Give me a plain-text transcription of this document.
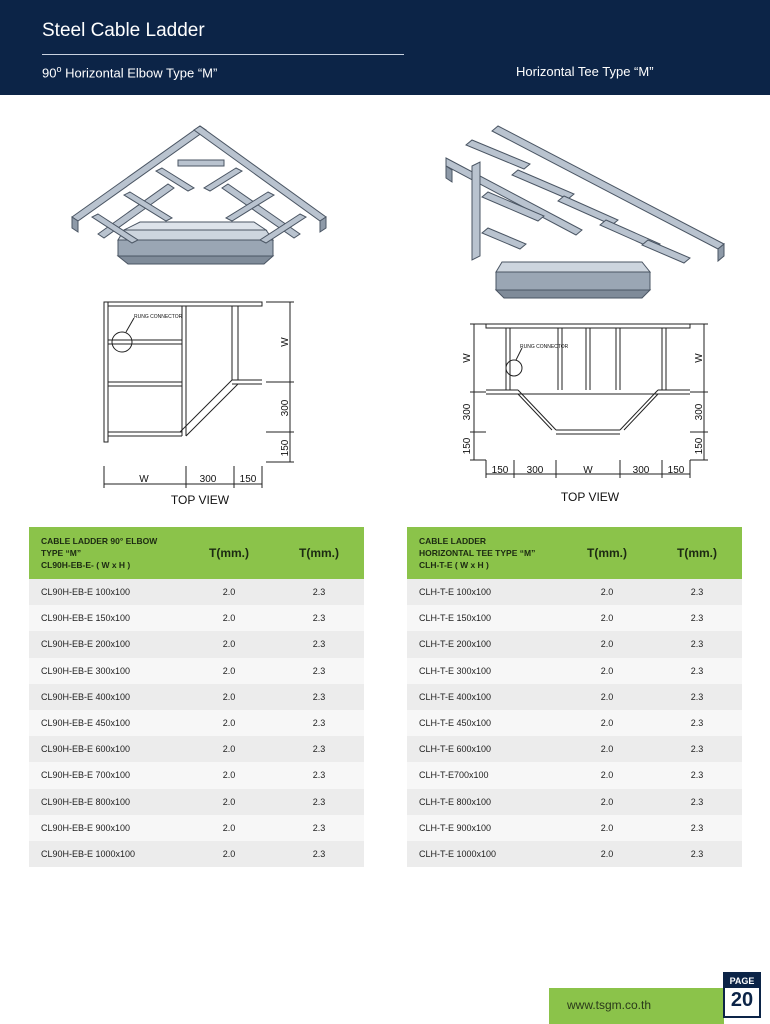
Steel Cable Ladder
90$^o$ Horizontal Elbow Type “M”	Horizontal Tee Type “M”
RUNG CONNECTOR
W
300
150
W	300 150
TOP VIEW
RUNG CONNECTOR
W
300
150
W
300
150
150 300	W	300 150
TOP VIEW
CABLE LADDER 90° ELBOW
TYPE “M”
CL90H-EB-E- ( W x H )	T(mm.)	T(mm.)
CL90H-EB-E 100x100	2.0	2.3
CL90H-EB-E 150x100	2.0	2.3
CL90H-EB-E 200x100	2.0	2.3
CL90H-EB-E 300x100	2.0	2.3
CL90H-EB-E 400x100	2.0	2.3
CL90H-EB-E 450x100	2.0	2.3
CL90H-EB-E 600x100	2.0	2.3
CL90H-EB-E 700x100	2.0	2.3
CL90H-EB-E 800x100	2.0	2.3
CL90H-EB-E 900x100	2.0	2.3
CL90H-EB-E 1000x100	2.0	2.3
CABLE LADDER
HORIZONTAL TEE TYPE “M”
CLH-T-E ( W x H )	T(mm.)	T(mm.)
CLH-T-E 100x100	2.0	2.3
CLH-T-E 150x100	2.0	2.3
CLH-T-E 200x100	2.0	2.3
CLH-T-E 300x100	2.0	2.3
CLH-T-E 400x100	2.0	2.3
CLH-T-E 450x100	2.0	2.3
CLH-T-E 600x100	2.0	2.3
CLH-T-E700x100	2.0	2.3
CLH-T-E 800x100	2.0	2.3
CLH-T-E 900x100	2.0	2.3
CLH-T-E 1000x100	2.0	2.3
www.tsgm.co.th
PAGE
20
